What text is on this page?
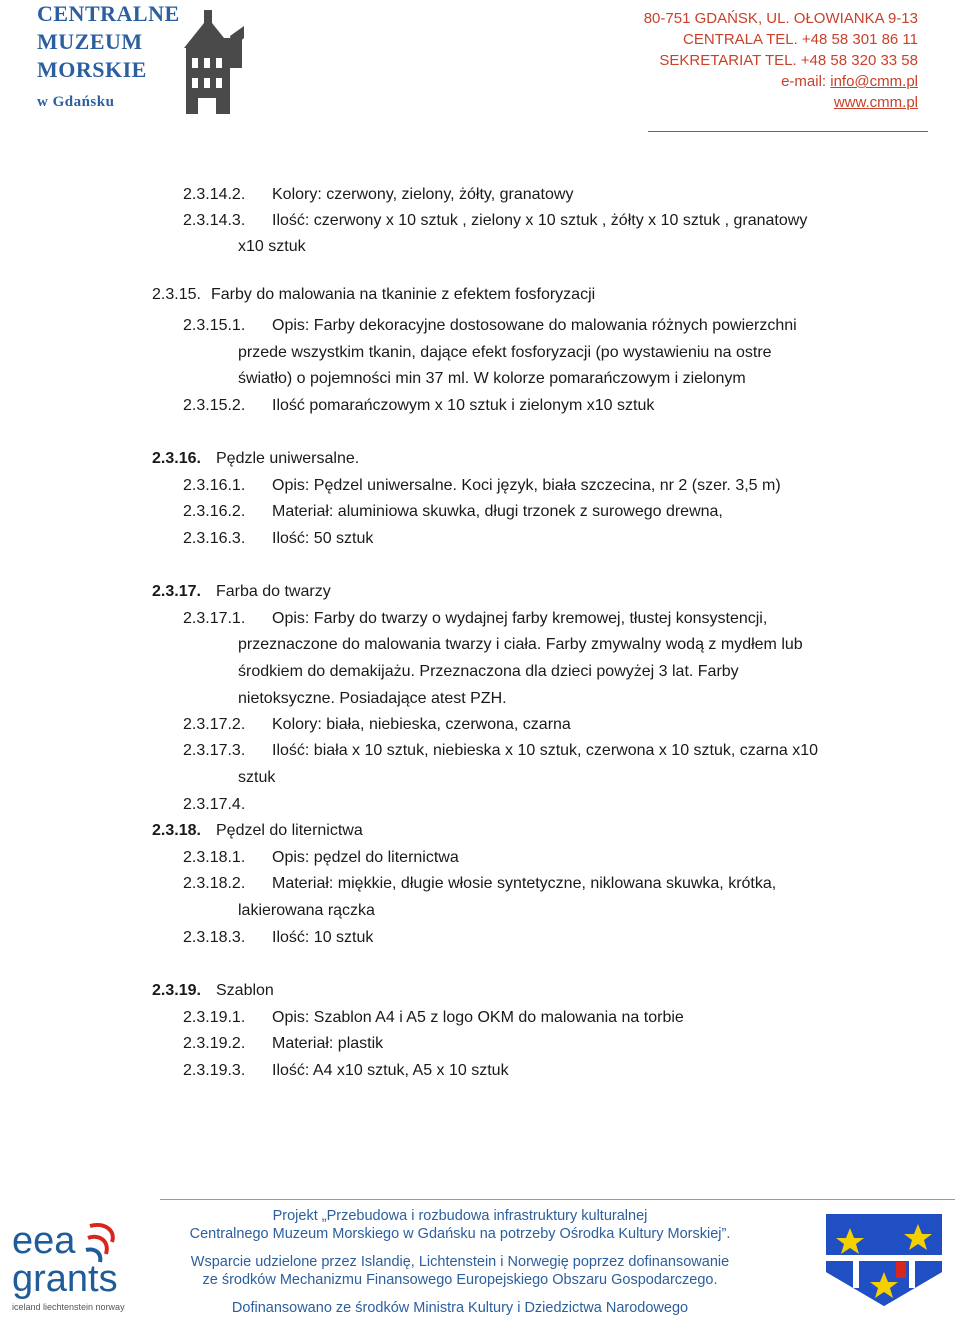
CENTRALNE
MUZEUM
MORSKIE
w Gdańsku
80-751 GDAŃSK, UL. OŁOWIANKA 9-13
CENTRALA TEL. +48 58 301 86 11
SEKRETARIAT TEL. +48 58 320 33 58
e-mail: info@cmm.pl
www.cmm.pl
2.3.14.2. Kolory: czerwony, zielony, żółty, granatowy
2.3.14.3. Ilość: czerwony x 10 sztuk , zielony x 10 sztuk , żółty x 10 sztuk , granatowy
x10 sztuk
2.3.15. Farby do malowania na tkaninie z efektem fosforyzacji
2.3.15.1. Opis: Farby dekoracyjne dostosowane do malowania różnych powierzchni
przede wszystkim tkanin, dające efekt fosforyzacji (po wystawieniu na ostre
światło) o pojemności min 37 ml. W kolorze pomarańczowym i zielonym
2.3.15.2. Ilość pomarańczowym x 10 sztuk i zielonym x10 sztuk
2.3.16. Pędzle uniwersalne.
2.3.16.1. Opis: Pędzel uniwersalne. Koci język, biała szczecina, nr 2 (szer. 3,5 m)
2.3.16.2. Materiał: aluminiowa skuwka, długi trzonek z surowego drewna,
2.3.16.3. Ilość: 50 sztuk
2.3.17. Farba do twarzy
2.3.17.1. Opis: Farby do twarzy o wydajnej farby kremowej, tłustej konsystencji,
przeznaczone do malowania twarzy i ciała. Farby zmywalny wodą z mydłem lub
środkiem do demakijażu. Przeznaczona dla dzieci powyżej 3 lat. Farby
nietoksyczne. Posiadające atest PZH.
2.3.17.2. Kolory: biała, niebieska, czerwona, czarna
2.3.17.3. Ilość: biała x 10 sztuk, niebieska x 10 sztuk, czerwona x 10 sztuk, czarna x10
sztuk
2.3.17.4.
2.3.18. Pędzel do liternictwa
2.3.18.1. Opis: pędzel do liternictwa
2.3.18.2. Materiał: miękkie, długie włosie syntetyczne, niklowana skuwka, krótka,
lakierowana rączka
2.3.18.3. Ilość: 10 sztuk
2.3.19. Szablon
2.3.19.1. Opis: Szablon A4 i A5 z logo OKM do malowania na torbie
2.3.19.2. Materiał: plastik
2.3.19.3. Ilość: A4 x10 sztuk, A5 x 10 sztuk
eea
grants
iceland liechtenstein norway
Projekt „Przebudowa i rozbudowa infrastruktury kulturalnej
Centralnego Muzeum Morskiego w Gdańsku na potrzeby Ośrodka Kultury Morskiej”.
Wsparcie udzielone przez Islandię, Lichtenstein i Norwegię poprzez dofinansowanie
ze środków Mechanizmu Finansowego Europejskiego Obszaru Gospodarczego.
Dofinansowano ze środków Ministra Kultury i Dziedzictwa Narodowego
